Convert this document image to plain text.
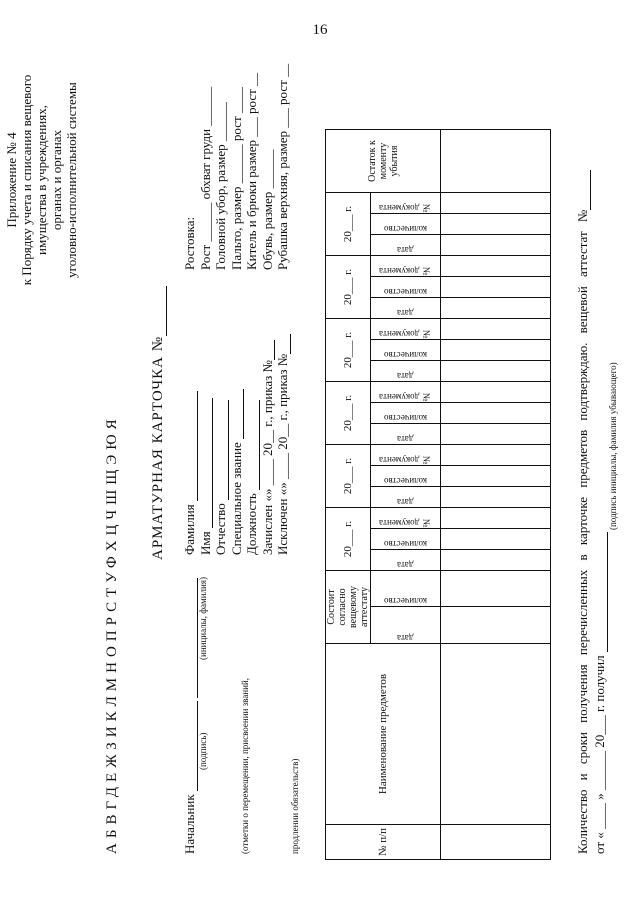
16
Приложение № 4 к Порядку учета и списания вещевого имущества в учреждениях, органах и органах уголовно-исполнительной системы
АБВГДЕЖЗИКЛМНОПРСТУФХЦЧШЩЭЮЯ АРМАТУРНАЯ КАРТОЧКА №
Начальник
(подпись)
(инициалы, фамилия)
(отметки о перемещении, присвоении званий,	продлении обязательств)
Фамилия Имя Отчество Специальное звание Должность Зачислен «» ____ 20__ г., приказ №
Исключен «» ____ 20__ г., приказ №
Ростовка: Рост ______ обхват груди ______ Головной убор, размер ______ Пальто, размер ______ рост ____ Китель и брюки размер ___ рост __ Обувь, размер ______ Рубашка верхняя, размер ___ рост __
№ п/п	Наименование предметов	Состоит согласно вещевому аттестату		20___ г.			20___ г.			20___ г.			20___ г.			20___ г.			20___ г.			Остаток к моменту убытия

		дата	количество	дата	количество	№ документа	дата	количество	№ документа	дата	количество	№ документа	дата	количество	№ документа	дата	количество	№ документа	дата	количество	№ документа	

Количество и сроки получения перечисленных в карточке предметов подтверждаю. вещевой аттестат № от « ____ » ______ 20___ г. получил
(подпись инициалы, фамилия убывающего)
